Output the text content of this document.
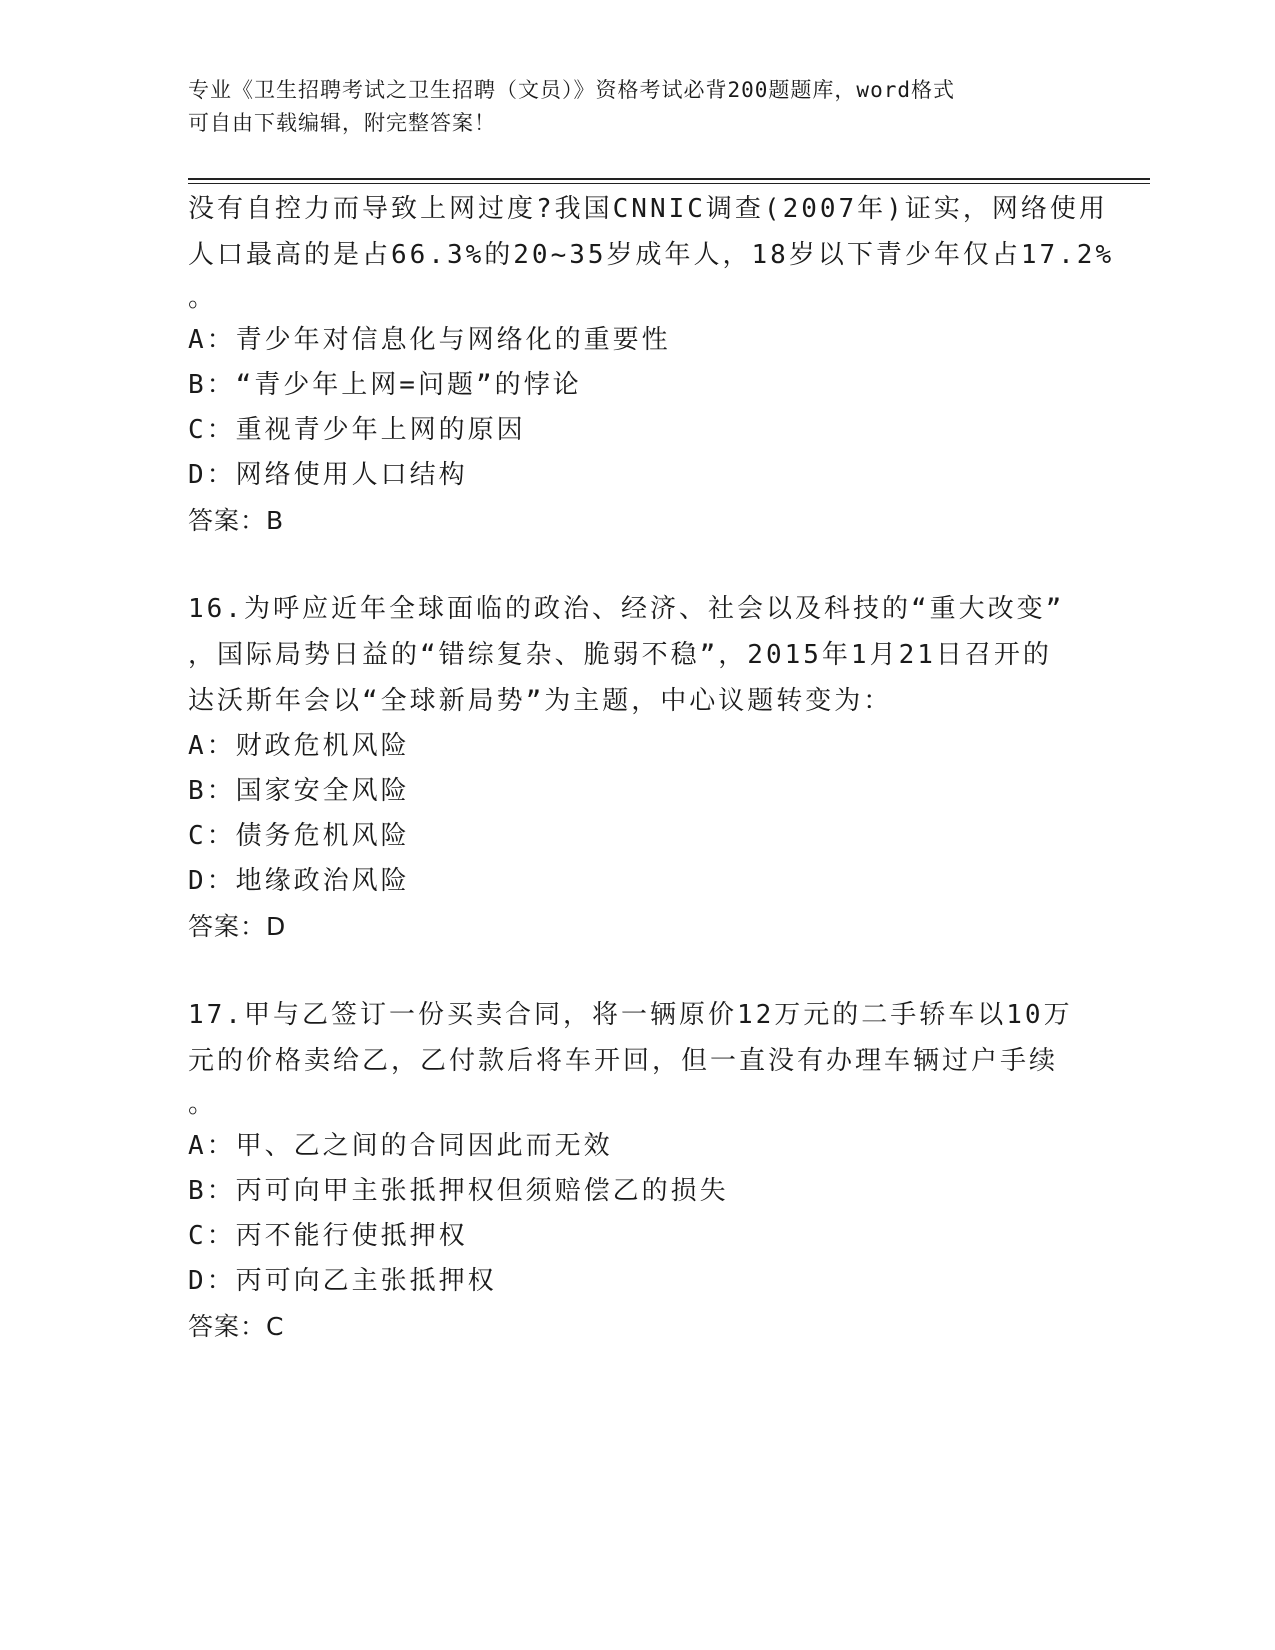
专业《卫生招聘考试之卫生招聘（文员）》资格考试必背200题题库，word格式
可自由下载编辑，附完整答案！
没有自控力而导致上网过度?我国CNNIC调查(2007年)证实，网络使用
人口最高的是占66.3%的20~35岁成年人，18岁以下青少年仅占17.2%
。
A：青少年对信息化与网络化的重要性
B：“青少年上网=问题”的悖论
C：重视青少年上网的原因
D：网络使用人口结构
答案：B
16.为呼应近年全球面临的政治、经济、社会以及科技的“重大改变”
，国际局势日益的“错综复杂、脆弱不稳”，2015年1月21日召开的
达沃斯年会以“全球新局势”为主题，中心议题转变为：
A：财政危机风险
B：国家安全风险
C：债务危机风险
D：地缘政治风险
答案：D
17.甲与乙签订一份买卖合同，将一辆原价12万元的二手轿车以10万
元的价格卖给乙，乙付款后将车开回，但一直没有办理车辆过户手续
。
A：甲、乙之间的合同因此而无效
B：丙可向甲主张抵押权但须赔偿乙的损失
C：丙不能行使抵押权
D：丙可向乙主张抵押权
答案：C
